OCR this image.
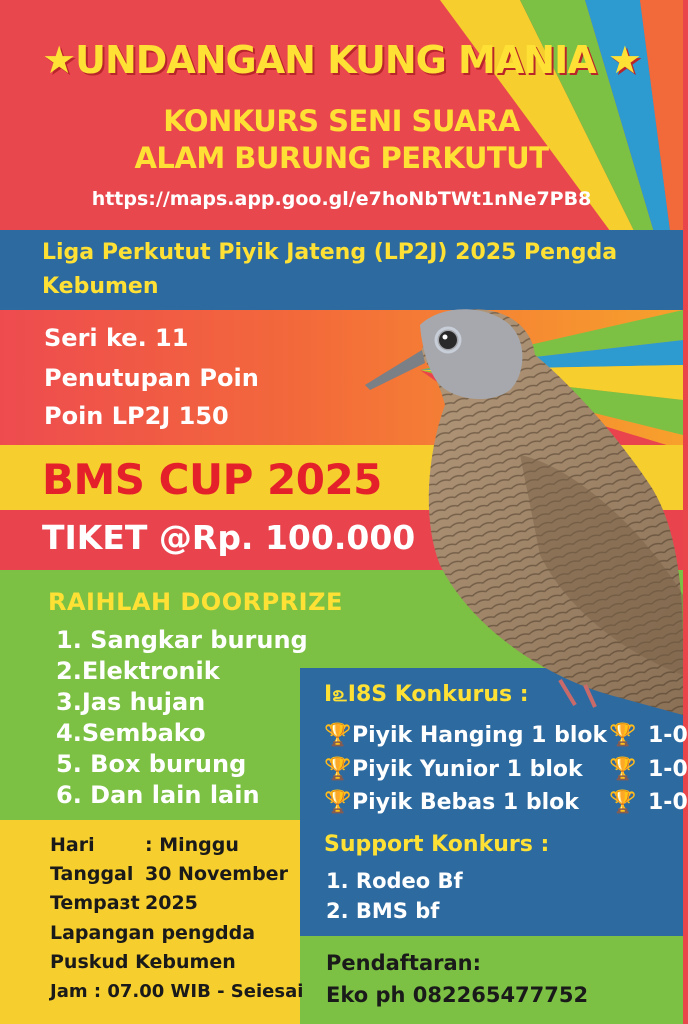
★UNDANGAN KUNG MANIA ★
KONKURS SENI SUARA
ALAM BURUNG PERKUTUT
https://maps.app.goo.gl/e7hoNbTWt1nNe7PB8
Liga Perkutut Piyik Jateng (LP2J) 2025 Pengda
Kebumen
Seri ke. 11
Penutupan Poin
Poin LP2J 150
BMS CUP 2025
TIKET @Rp. 100.000
RAIHLAH DOORPRIZE
1. Sangkar burung
2.Elektronik
3.Jas hujan
4.Sembako
5. Box burung
6. Dan lain lain
Hari	: Minggu
Tanggal 30 November
Tempaзt 2025
Lapangan pengdda
Puskud Kebumen
Jam : 07.00 WIB - Seiesai
I௨I8S Konkurus :
🏆Piyik Hanging 1 blok 🏆 1-0
🏆Piyik Yunior 1 blok 🏆 1-0
🏆Piyik Bebas 1 blok 🏆 1-0
Support Konkurs :
1. Rodeo Bf
2. BMS bf
Pendaftaran:
Eko ph 082265477752
